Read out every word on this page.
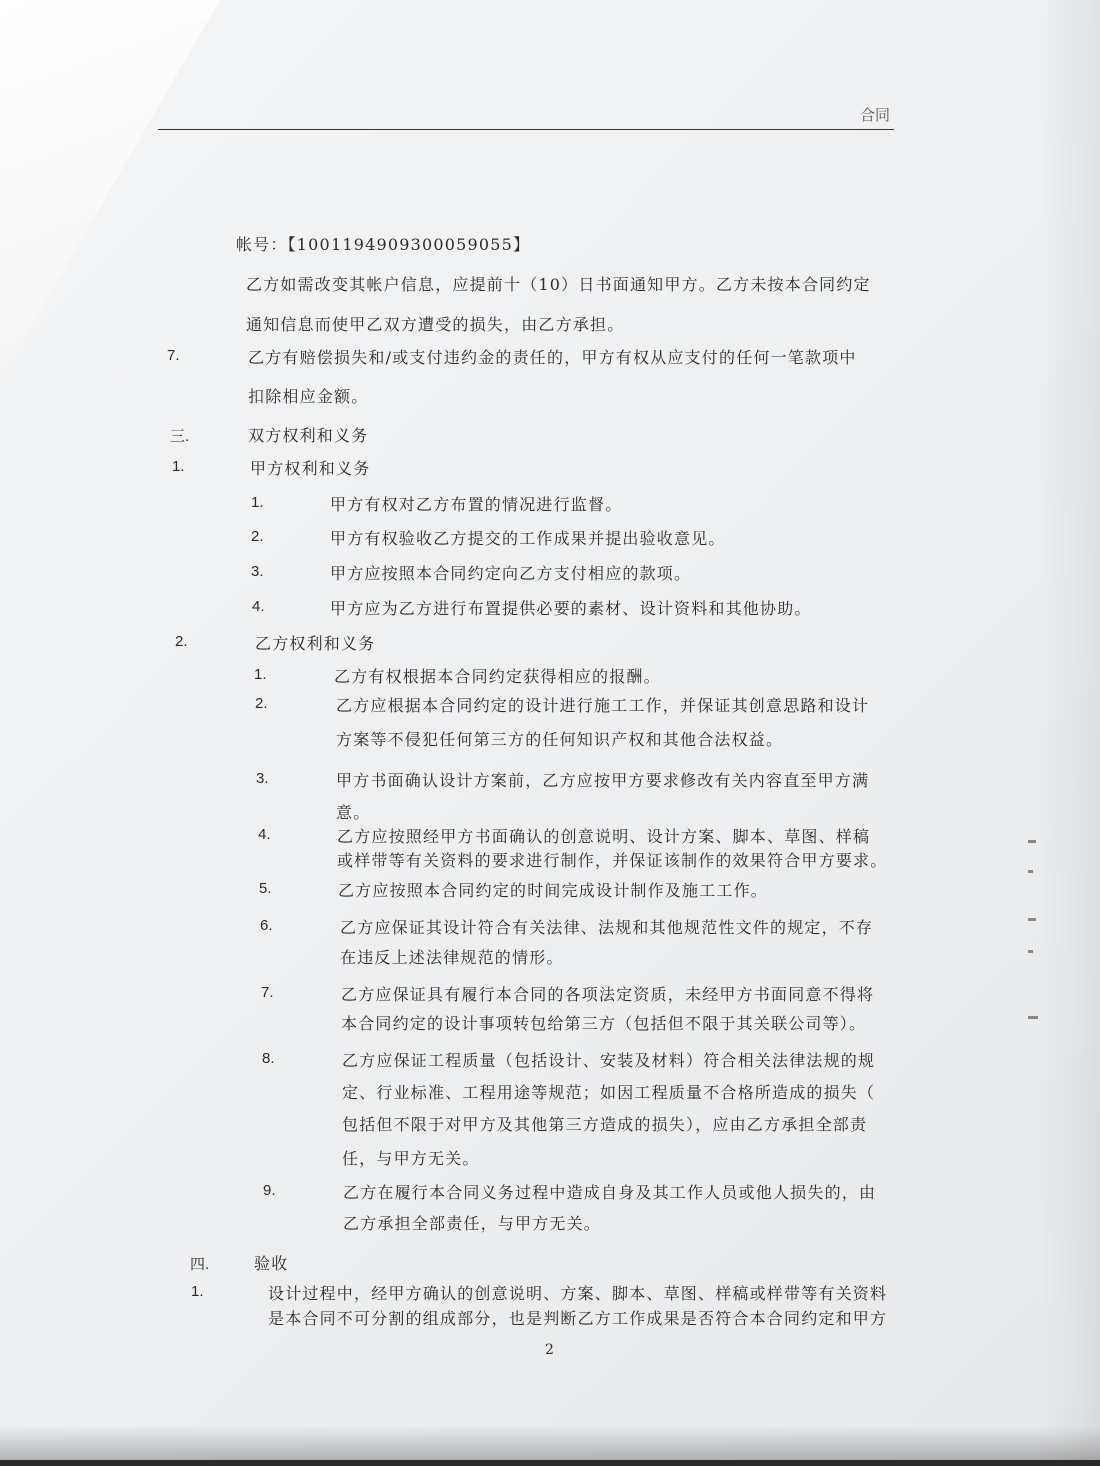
合同
帐号：【1001194909300059055】
乙方如需改变其帐户信息，应提前十（10）日书面通知甲方。乙方未按本合同约定
通知信息而使甲乙双方遭受的损失，由乙方承担。
7.	乙方有赔偿损失和/或支付违约金的责任的，甲方有权从应支付的任何一笔款项中
扣除相应金额。
三.	双方权利和义务
1.	甲方权利和义务
1.	甲方有权对乙方布置的情况进行监督。
2.	甲方有权验收乙方提交的工作成果并提出验收意见。
3.	甲方应按照本合同约定向乙方支付相应的款项。
4.	甲方应为乙方进行布置提供必要的素材、设计资料和其他协助。
2.	乙方权利和义务
1.	乙方有权根据本合同约定获得相应的报酬。
2.	乙方应根据本合同约定的设计进行施工工作，并保证其创意思路和设计
方案等不侵犯任何第三方的任何知识产权和其他合法权益。
3.	甲方书面确认设计方案前，乙方应按甲方要求修改有关内容直至甲方满
意。
4.	乙方应按照经甲方书面确认的创意说明、设计方案、脚本、草图、样稿
或样带等有关资料的要求进行制作，并保证该制作的效果符合甲方要求。
5.	乙方应按照本合同约定的时间完成设计制作及施工工作。
6.	乙方应保证其设计符合有关法律、法规和其他规范性文件的规定，不存
在违反上述法律规范的情形。
7.	乙方应保证具有履行本合同的各项法定资质，未经甲方书面同意不得将
本合同约定的设计事项转包给第三方（包括但不限于其关联公司等）。
8.	乙方应保证工程质量（包括设计、安装及材料）符合相关法律法规的规
定、行业标准、工程用途等规范；如因工程质量不合格所造成的损失（
包括但不限于对甲方及其他第三方造成的损失），应由乙方承担全部责
任，与甲方无关。
9.	乙方在履行本合同义务过程中造成自身及其工作人员或他人损失的，由
乙方承担全部责任，与甲方无关。
四.	验收
1.	设计过程中，经甲方确认的创意说明、方案、脚本、草图、样稿或样带等有关资料
是本合同不可分割的组成部分，也是判断乙方工作成果是否符合本合同约定和甲方
2
